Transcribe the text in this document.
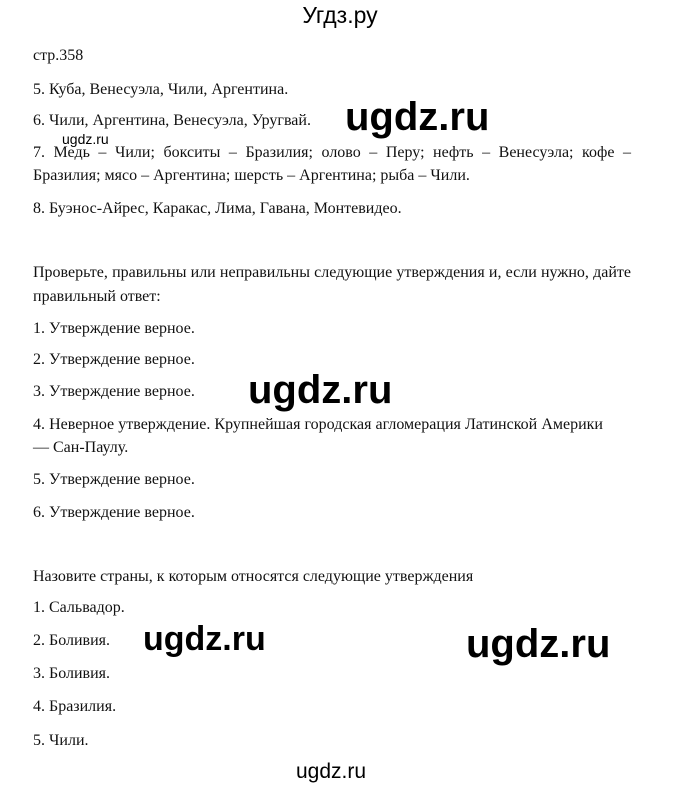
Угдз.ру

стр.358

5. Куба, Венесуэла, Чили, Аргентина.

6. Чили, Аргентина, Венесуэла, Уругвай.

7. Медь – Чили; бокситы – Бразилия; олово – Перу; нефть – Венесуэла; кофе – Бразилия; мясо – Аргентина; шерсть – Аргентина; рыба – Чили.

8. Буэнос-Айрес, Каракас, Лима, Гавана, Монтевидео.

Проверьте, правильны или неправильны следующие утверждения и, если нужно, дайте правильный ответ:

1. Утверждение верное.

2. Утверждение верное.

3. Утверждение верное.

4. Неверное утверждение. Крупнейшая городская агломерация Латинской Америки — Сан-Паулу.

5. Утверждение верное.

6. Утверждение верное.

Назовите страны, к которым относятся следующие утверждения

1. Сальвадор.

2. Боливия.

3. Боливия.

4. Бразилия.

5. Чили.

ugdz.ru

ugdz.ru

ugdz.ru

ugdz.ru	ugdz.ru

ugdz.ru
